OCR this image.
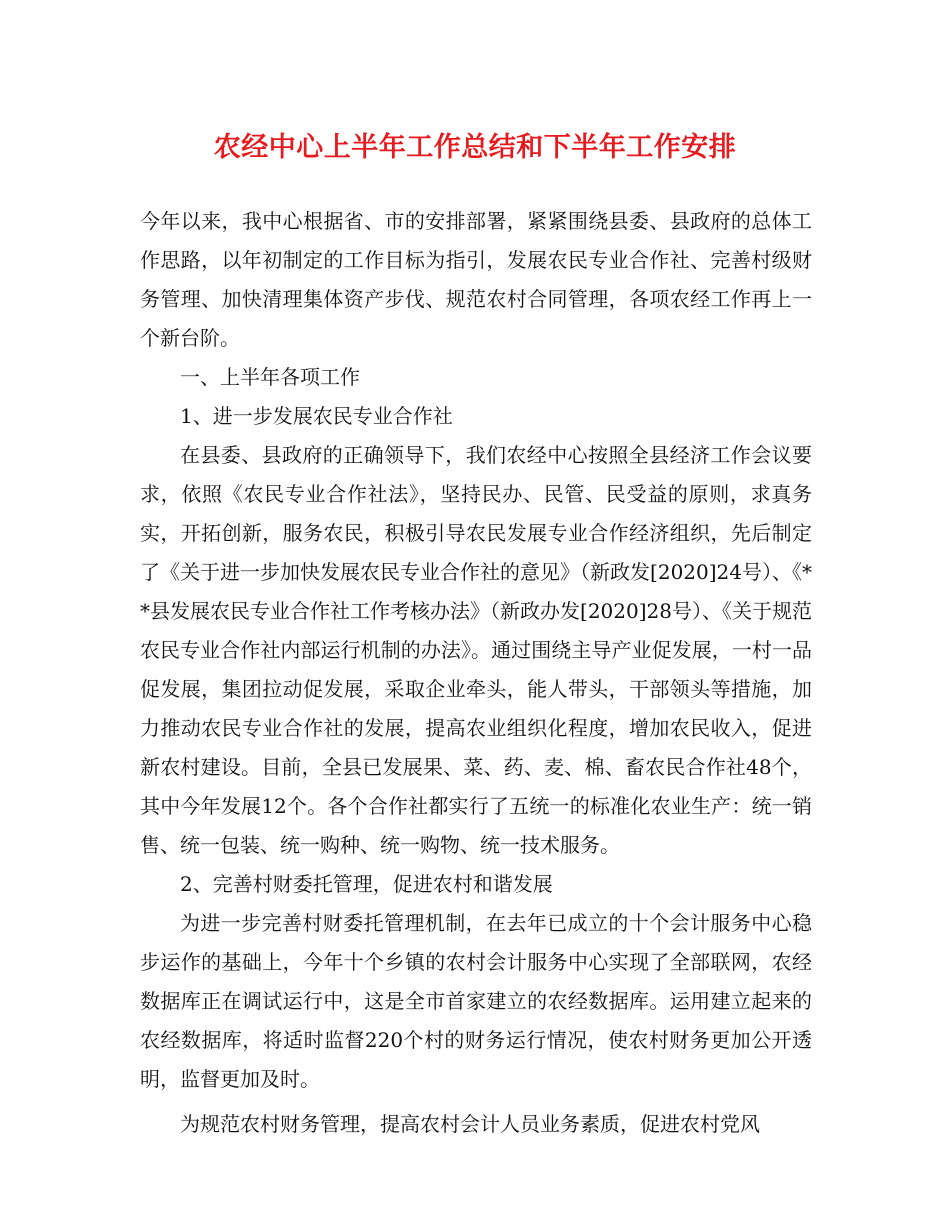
农经中心上半年工作总结和下半年工作安排

今年以来，我中心根据省、市的安排部署，紧紧围绕县委、县政府的总体工作思路，以年初制定的工作目标为指引，发展农民专业合作社、完善村级财务管理、加快清理集体资产步伐、规范农村合同管理，各项农经工作再上一个新台阶。

一、上半年各项工作

1、进一步发展农民专业合作社

在县委、县政府的正确领导下，我们农经中心按照全县经济工作会议要求，依照《农民专业合作社法》，坚持民办、民管、民受益的原则，求真务实，开拓创新，服务农民，积极引导农民发展专业合作经济组织，先后制定了《关于进一步加快发展农民专业合作社的意见》（新政发[2020]24号）、《**县发展农民专业合作社工作考核办法》（新政办发[2020]28号）、《关于规范农民专业合作社内部运行机制的办法》。通过围绕主导产业促发展，一村一品促发展，集团拉动促发展，采取企业牵头，能人带头，干部领头等措施，加力推动农民专业合作社的发展，提高农业组织化程度，增加农民收入，促进新农村建设。目前，全县已发展果、菜、药、麦、棉、畜农民合作社48个，其中今年发展12个。各个合作社都实行了五统一的标准化农业生产：统一销售、统一包装、统一购种、统一购物、统一技术服务。

2、完善村财委托管理，促进农村和谐发展

为进一步完善村财委托管理机制，在去年已成立的十个会计服务中心稳步运作的基础上，今年十个乡镇的农村会计服务中心实现了全部联网，农经数据库正在调试运行中，这是全市首家建立的农经数据库。运用建立起来的农经数据库，将适时监督220个村的财务运行情况，使农村财务更加公开透明，监督更加及时。

为规范农村财务管理，提高农村会计人员业务素质，促进农村党风
